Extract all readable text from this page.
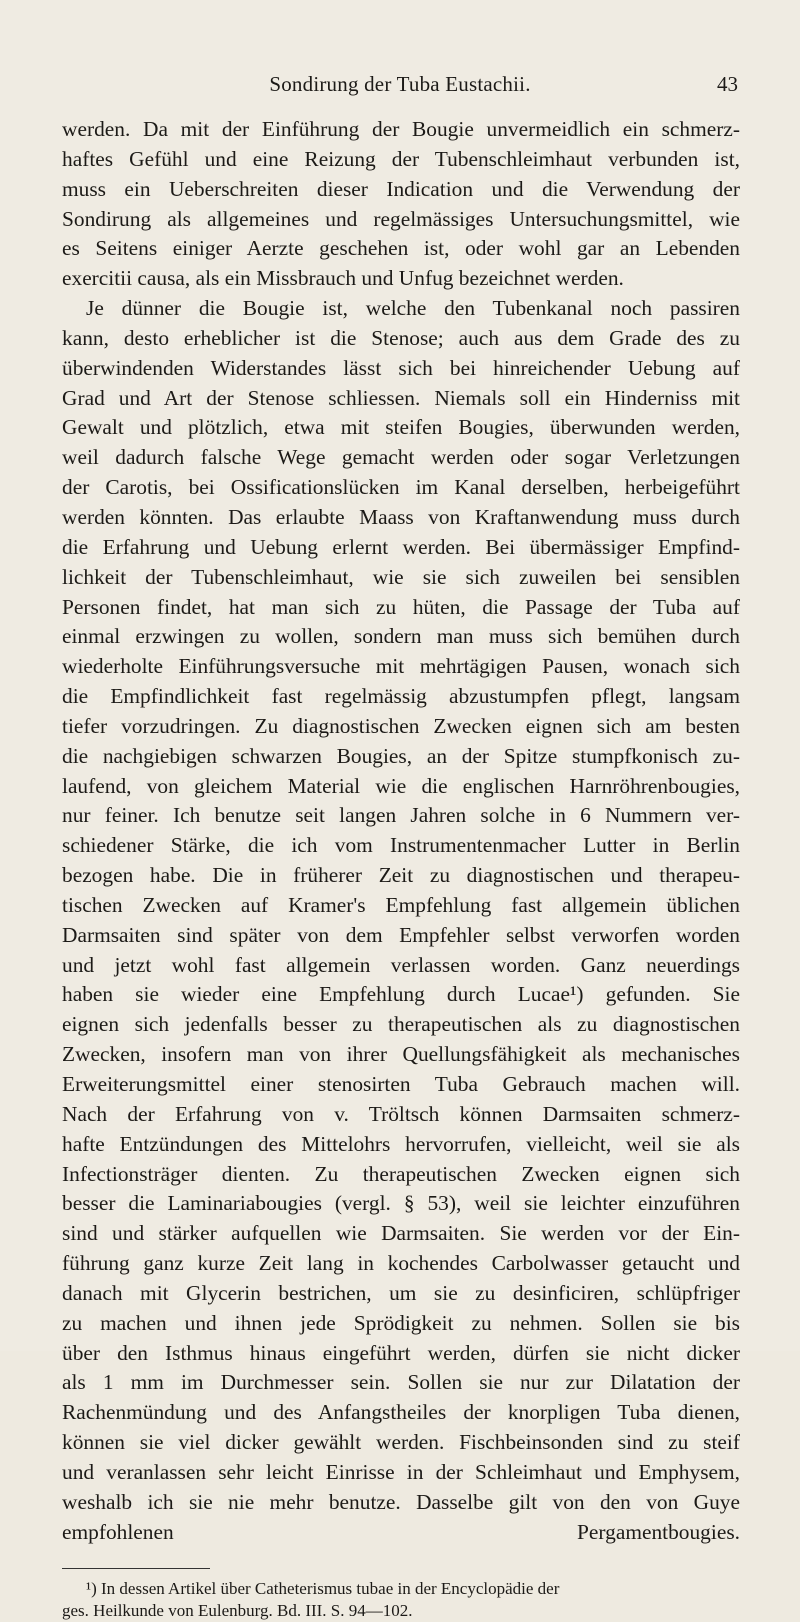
Sondirung der Tuba Eustachii.	43
werden. Da mit der Einführung der Bougie unvermeidlich ein schmerz-
haftes Gefühl und eine Reizung der Tubenschleimhaut verbunden ist,
muss ein Ueberschreiten dieser Indication und die Verwendung der
Sondirung als allgemeines und regelmässiges Untersuchungsmittel, wie
es Seitens einiger Aerzte geschehen ist, oder wohl gar an Lebenden
exercitii causa, als ein Missbrauch und Unfug bezeichnet werden.
Je dünner die Bougie ist, welche den Tubenkanal noch passiren
kann, desto erheblicher ist die Stenose; auch aus dem Grade des zu
überwindenden Widerstandes lässt sich bei hinreichender Uebung auf
Grad und Art der Stenose schliessen. Niemals soll ein Hinderniss mit
Gewalt und plötzlich, etwa mit steifen Bougies, überwunden werden,
weil dadurch falsche Wege gemacht werden oder sogar Verletzungen
der Carotis, bei Ossificationslücken im Kanal derselben, herbeigeführt
werden könnten. Das erlaubte Maass von Kraftanwendung muss durch
die Erfahrung und Uebung erlernt werden. Bei übermässiger Empfind-
lichkeit der Tubenschleimhaut, wie sie sich zuweilen bei sensiblen
Personen findet, hat man sich zu hüten, die Passage der Tuba auf
einmal erzwingen zu wollen, sondern man muss sich bemühen durch
wiederholte Einführungsversuche mit mehrtägigen Pausen, wonach sich
die Empfindlichkeit fast regelmässig abzustumpfen pflegt, langsam
tiefer vorzudringen. Zu diagnostischen Zwecken eignen sich am besten
die nachgiebigen schwarzen Bougies, an der Spitze stumpfkonisch zu-
laufend, von gleichem Material wie die englischen Harnröhrenbougies,
nur feiner. Ich benutze seit langen Jahren solche in 6 Nummern ver-
schiedener Stärke, die ich vom Instrumentenmacher Lutter in Berlin
bezogen habe. Die in früherer Zeit zu diagnostischen und therapeu-
tischen Zwecken auf Kramer's Empfehlung fast allgemein üblichen
Darmsaiten sind später von dem Empfehler selbst verworfen worden
und jetzt wohl fast allgemein verlassen worden. Ganz neuerdings
haben sie wieder eine Empfehlung durch Lucae¹) gefunden. Sie
eignen sich jedenfalls besser zu therapeutischen als zu diagnostischen
Zwecken, insofern man von ihrer Quellungsfähigkeit als mechanisches
Erweiterungsmittel einer stenosirten Tuba Gebrauch machen will.
Nach der Erfahrung von v. Tröltsch können Darmsaiten schmerz-
hafte Entzündungen des Mittelohrs hervorrufen, vielleicht, weil sie als
Infectionsträger dienten. Zu therapeutischen Zwecken eignen sich
besser die Laminariabougies (vergl. § 53), weil sie leichter einzuführen
sind und stärker aufquellen wie Darmsaiten. Sie werden vor der Ein-
führung ganz kurze Zeit lang in kochendes Carbolwasser getaucht und
danach mit Glycerin bestrichen, um sie zu desinficiren, schlüpfriger
zu machen und ihnen jede Sprödigkeit zu nehmen. Sollen sie bis
über den Isthmus hinaus eingeführt werden, dürfen sie nicht dicker
als 1 mm im Durchmesser sein. Sollen sie nur zur Dilatation der
Rachenmündung und des Anfangstheiles der knorpligen Tuba dienen,
können sie viel dicker gewählt werden. Fischbeinsonden sind zu steif
und veranlassen sehr leicht Einrisse in der Schleimhaut und Emphysem,
weshalb ich sie nie mehr benutze. Dasselbe gilt von den von Guye
empfohlenen Pergamentbougies.
¹) In dessen Artikel über Catheterismus tubae in der Encyclopädie der
ges. Heilkunde von Eulenburg. Bd. III. S. 94—102.
